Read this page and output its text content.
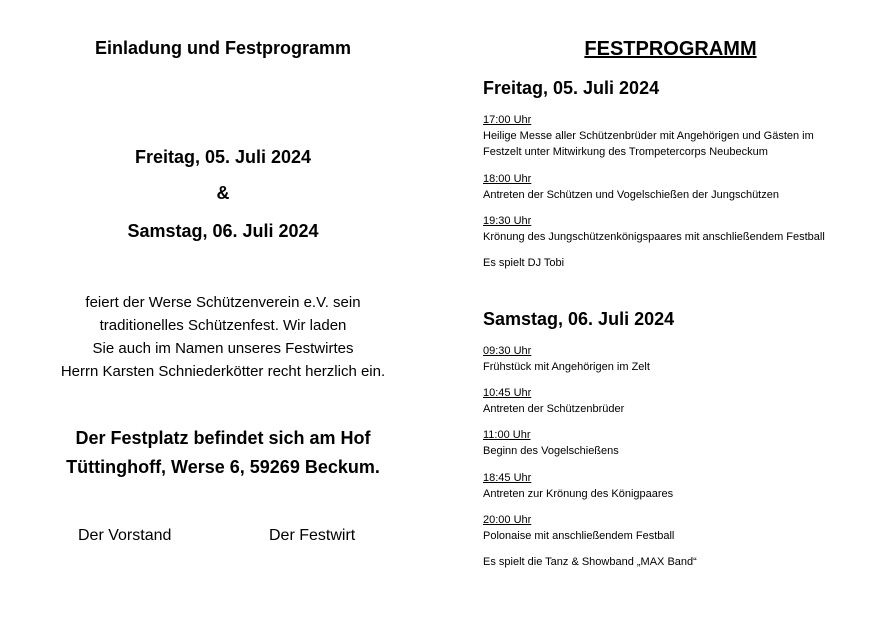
Einladung und Festprogramm
Freitag, 05. Juli 2024
&
Samstag, 06. Juli 2024
feiert der Werse Schützenverein e.V. sein
traditionelles Schützenfest. Wir laden
Sie auch im Namen unseres Festwirtes
Herrn Karsten Schniederkötter recht herzlich ein.
Der Festplatz befindet sich am Hof
Tüttinghoff, Werse 6, 59269 Beckum.
Der Vorstand	Der Festwirt
FESTPROGRAMM
Freitag, 05. Juli 2024
17:00 Uhr
Heilige Messe aller Schützenbrüder mit Angehörigen und Gästen im
Festzelt unter Mitwirkung des Trompetercorps Neubeckum
18:00 Uhr
Antreten der Schützen und Vogelschießen der Jungschützen
19:30 Uhr
Krönung des Jungschützenkönigspaares mit anschließendem Festball
Es spielt DJ Tobi
Samstag, 06. Juli 2024
09:30 Uhr
Frühstück mit Angehörigen im Zelt
10:45 Uhr
Antreten der Schützenbrüder
11:00 Uhr
Beginn des Vogelschießens
18:45 Uhr
Antreten zur Krönung des Königpaares
20:00 Uhr
Polonaise mit anschließendem Festball
Es spielt die Tanz & Showband „MAX Band“
